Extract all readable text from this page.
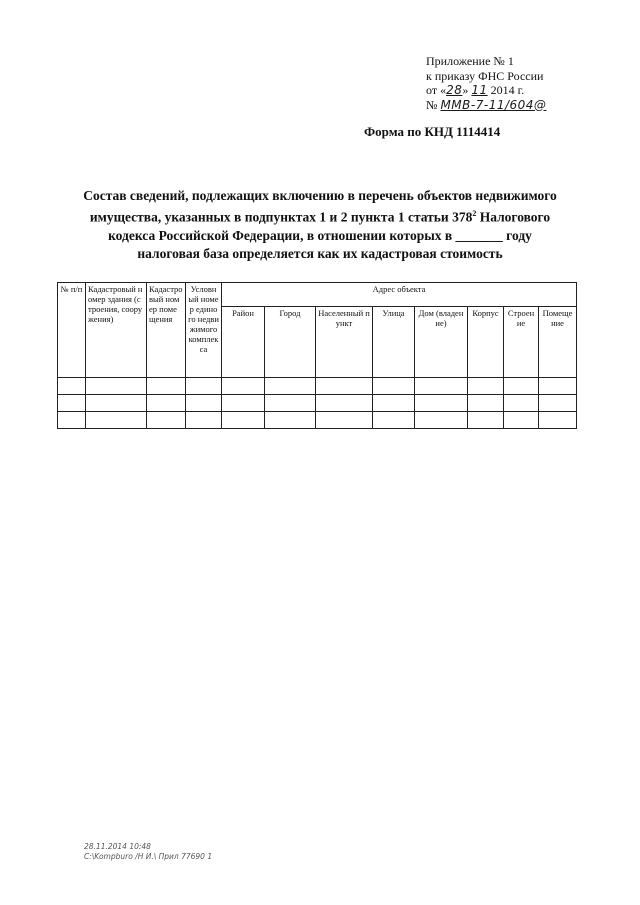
Приложение № 1
к приказу ФНС России
от «28» 11 2014 г.
№ ММВ-7-11/604@
Форма по КНД 1114414
Состав сведений, подлежащих включению в перечень объектов недвижимого
имущества, указанных в подпунктах 1 и 2 пункта 1 статьи $378^2$ Налогового
кодекса Российской Федерации, в отношении которых в _______ году
налоговая база определяется как их кадастровая стоимость
№ п/п	Кадастровый номер здания (строения, сооружения)	Кадастровый номер помещения	Условный номер единого недвижимого комплекса	Адрес объекта							
				Район	Город	Населенный пункт	Улица	Дом (владение)	Корпус	Строение	Помещение

28.11.2014 10:48
С:\Kompburo /H И.\ Прил 77690 1
